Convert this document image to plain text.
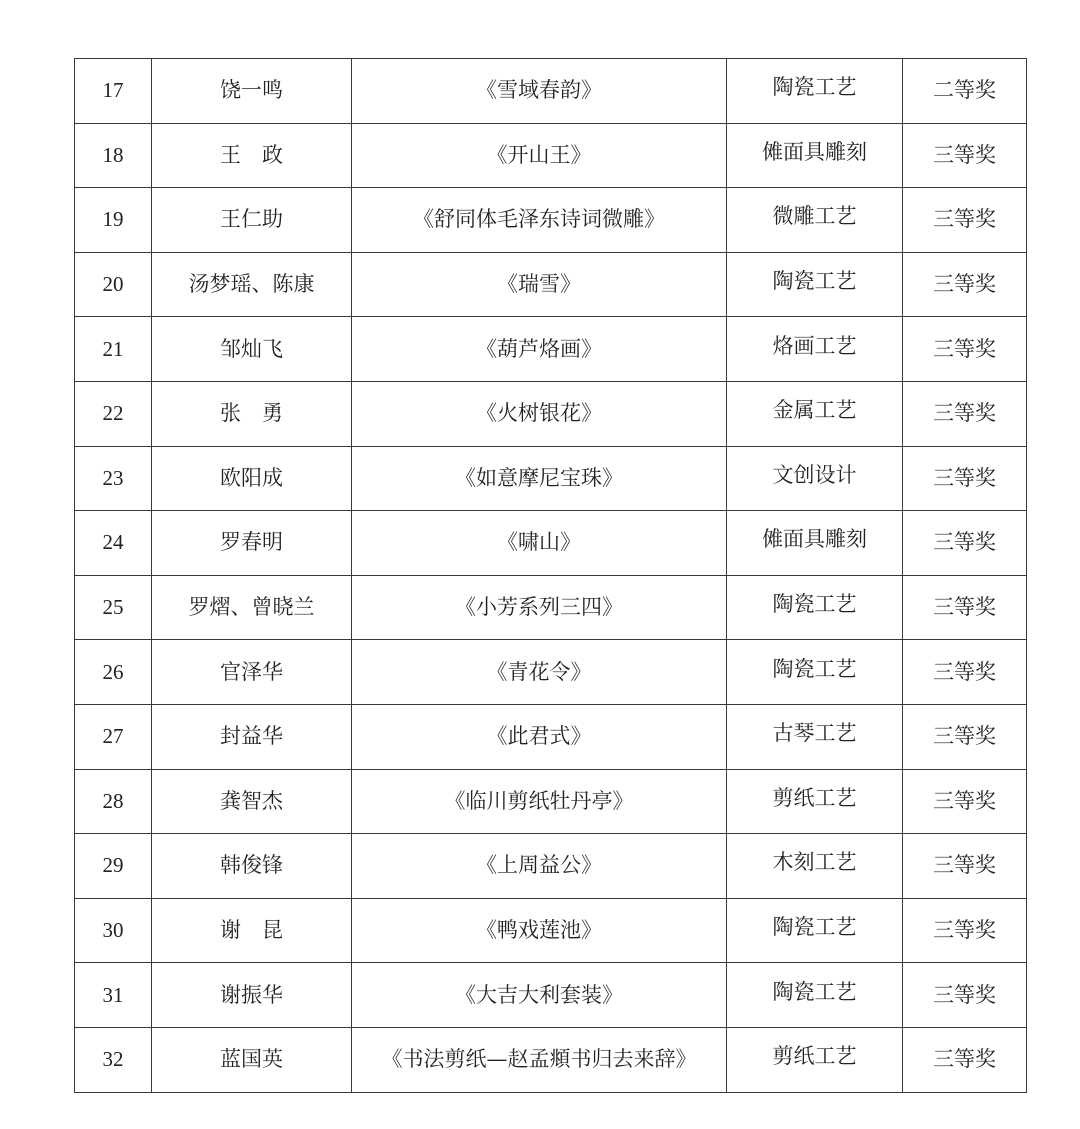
17	饶一鸣	《雪域春韵》	陶瓷工艺	二等奖
18	王　政	《开山王》	傩面具雕刻	三等奖
19	王仁助	《舒同体毛泽东诗词微雕》	微雕工艺	三等奖
20	汤梦瑶、陈康	《瑞雪》	陶瓷工艺	三等奖
21	邹灿飞	《葫芦烙画》	烙画工艺	三等奖
22	张　勇	《火树银花》	金属工艺	三等奖
23	欧阳成	《如意摩尼宝珠》	文创设计	三等奖
24	罗春明	《啸山》	傩面具雕刻	三等奖
25	罗熠、曾晓兰	《小芳系列三四》	陶瓷工艺	三等奖
26	官泽华	《青花令》	陶瓷工艺	三等奖
27	封益华	《此君式》	古琴工艺	三等奖
28	龚智杰	《临川剪纸牡丹亭》	剪纸工艺	三等奖
29	韩俊锋	《上周益公》	木刻工艺	三等奖
30	谢　昆	《鸭戏莲池》	陶瓷工艺	三等奖
31	谢振华	《大吉大利套装》	陶瓷工艺	三等奖
32	蓝国英	《书法剪纸—赵孟頫书归去来辞》	剪纸工艺	三等奖
